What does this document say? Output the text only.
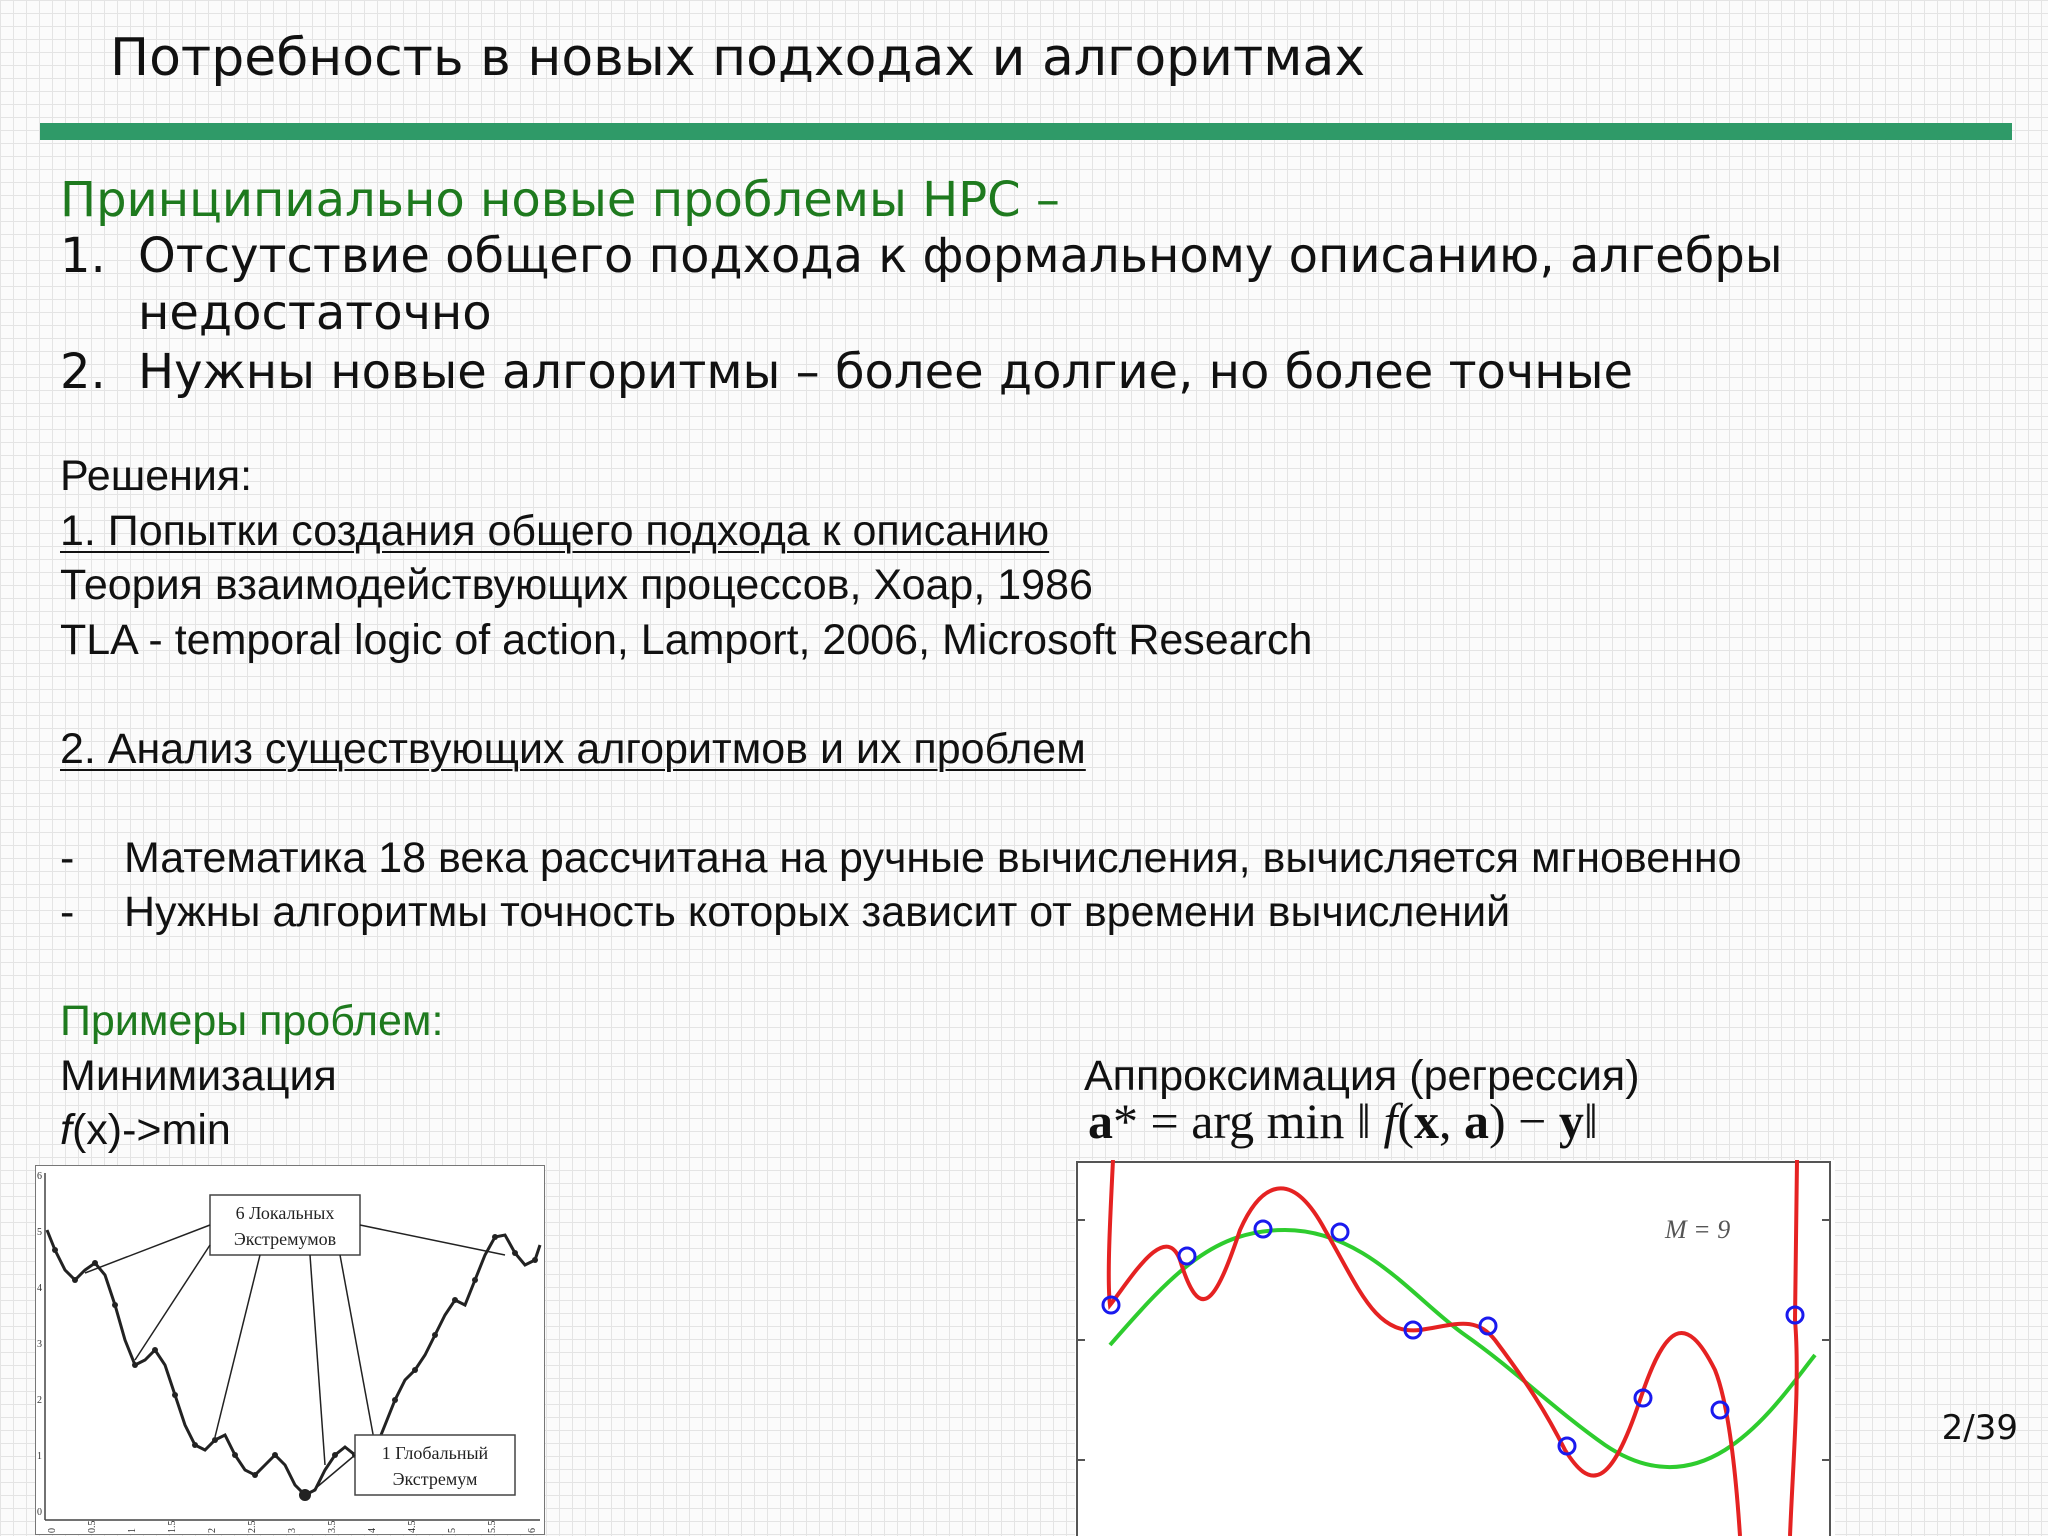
Потребность в новых подходах и алгоритмах
Принципиально новые проблемы HPC –
1. Отсутствие общего подхода к формальному описанию, алгебры
недостаточно
2. Нужны новые алгоритмы – более долгие, но более точные
Решения:
1. Попытки создания общего подхода к описанию
Теория взаимодействующих процессов, Хоар, 1986
TLA - temporal logic of action, Lamport, 2006, Microsoft Research
2. Анализ существующих алгоритмов и их проблем
- Математика 18 века рассчитана на ручные вычисления, вычисляется мгновенно
- Нужны алгоритмы точность которых зависит от времени вычислений
Примеры проблем:
Минимизация
f(x)->min
Аппроксимация (регрессия)
a* = arg min ‖ f(x, a) − y‖
6
5
4
3
2
1
0
0	0.5	1	1.5	2	2.5	3	3.5	4	4.5	5	5.5	6
6 Локальных
Экстремумов
1 Глобальный
Экстремум
M = 9
2/39
